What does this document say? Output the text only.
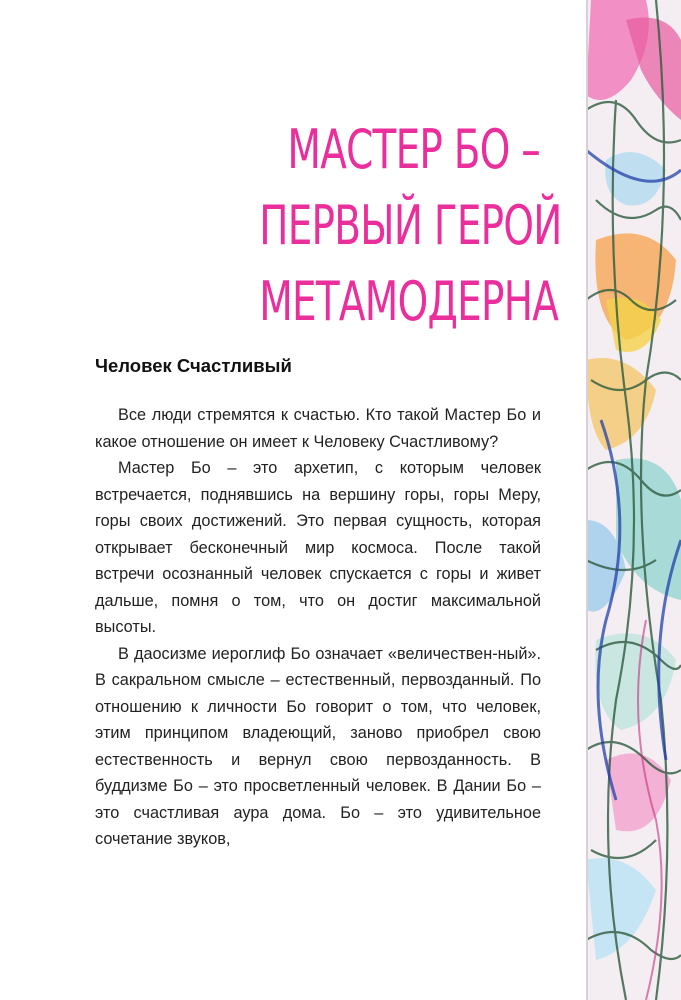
МАСТЕР БО –
ПЕРВЫЙ ГЕРОЙ
МЕТАМОДЕРНА
Человек Счастливый

Все люди стремятся к счастью. Кто такой Мастер Бо и какое отношение он имеет к Человеку Счастливому?

Мастер Бо – это архетип, с которым человек встречается, поднявшись на вершину горы, горы Меру, горы своих достижений. Это первая сущность, которая открывает бесконечный мир космоса. После такой встречи осознанный человек спускается с горы и живет дальше, помня о том, что он достиг максимальной высоты.

В даосизме иероглиф Бо означает «величествен-ный». В сакральном смысле – естественный, первозданный. По отношению к личности Бо говорит о том, что человек, этим принципом владеющий, заново приобрел свою естественность и вернул свою первозданность. В буддизме Бо – это просветленный человек. В Дании Бо – это счастливая аура дома. Бо – это удивительное сочетание звуков,
